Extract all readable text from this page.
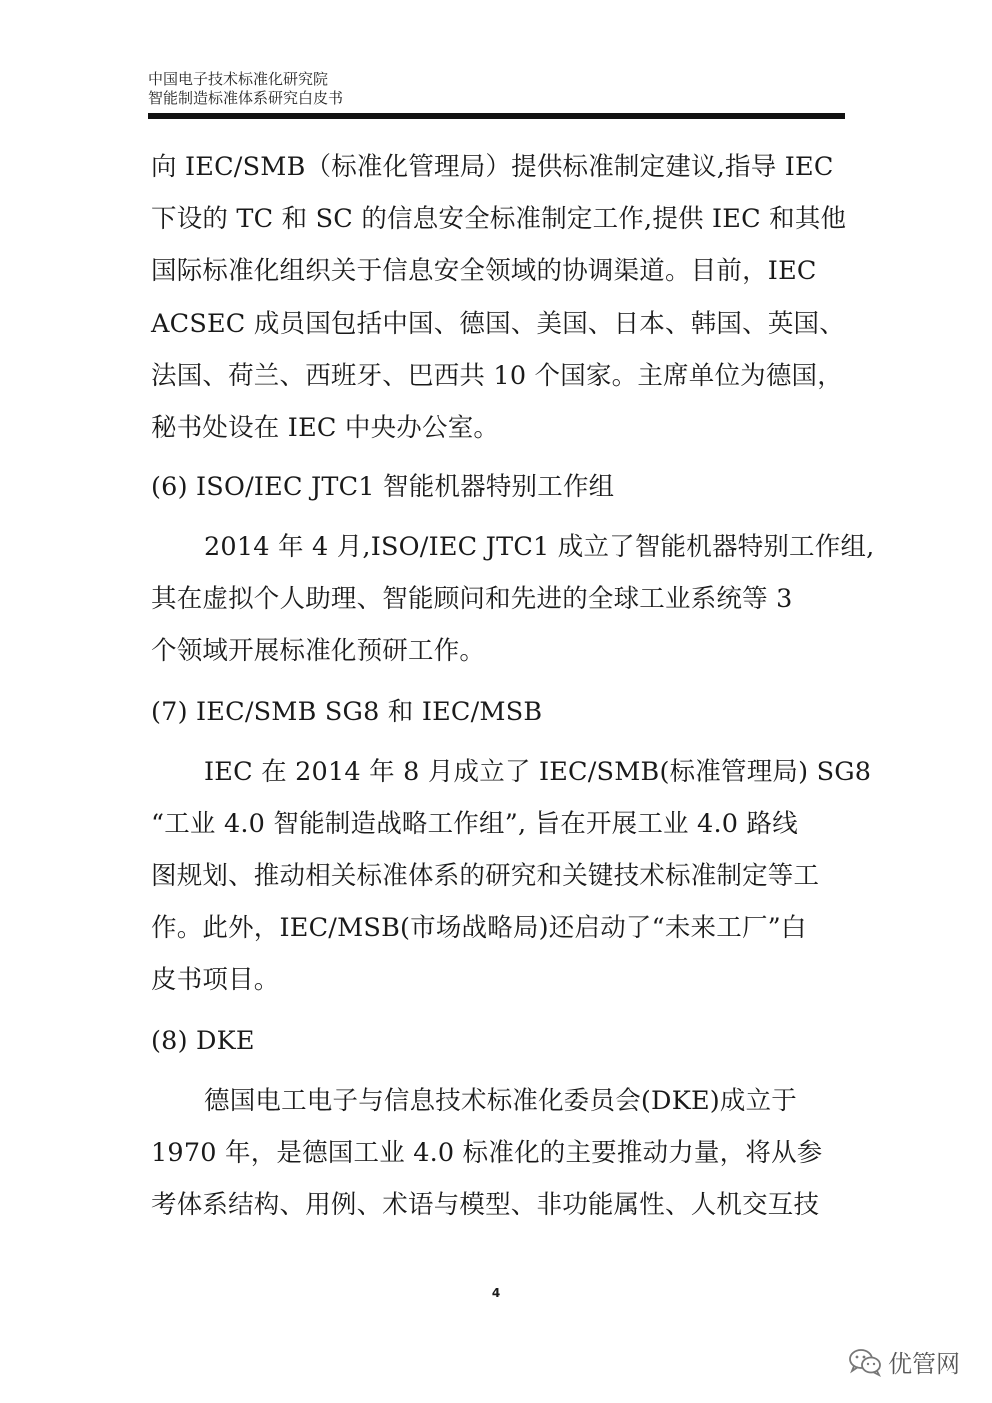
中国电子技术标准化研究院
智能制造标准体系研究白皮书

向 IEC/SMB（标准化管理局）提供标准制定建议,指导 IEC

下设的 TC 和 SC 的信息安全标准制定工作,提供 IEC 和其他

国际标准化组织关于信息安全领域的协调渠道。目前，IEC

ACSEC 成员国包括中国、德国、美国、日本、韩国、英国、

法国、荷兰、西班牙、巴西共 10 个国家。主席单位为德国，

秘书处设在 IEC 中央办公室。

(6) ISO/IEC JTC1 智能机器特别工作组

2014 年 4 月,ISO/IEC JTC1 成立了智能机器特别工作组,

其在虚拟个人助理、智能顾问和先进的全球工业系统等 3

个领域开展标准化预研工作。

(7) IEC/SMB SG8 和 IEC/MSB

IEC 在 2014 年 8 月成立了 IEC/SMB(标准管理局) SG8

“工业 4.0 智能制造战略工作组”, 旨在开展工业 4.0 路线

图规划、推动相关标准体系的研究和关键技术标准制定等工

作。此外，IEC/MSB(市场战略局)还启动了“未来工厂”白

皮书项目。

(8) DKE

德国电工电子与信息技术标准化委员会(DKE)成立于

1970 年，是德国工业 4.0 标准化的主要推动力量，将从参

考体系结构、用例、术语与模型、非功能属性、人机交互技

4
优管网
